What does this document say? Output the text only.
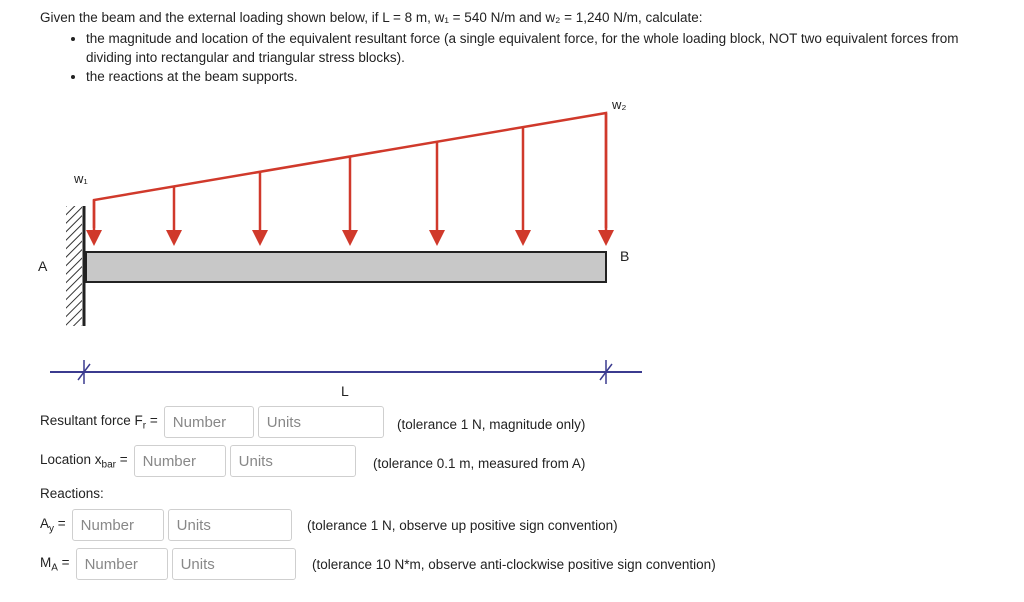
Given the beam and the external loading shown below, if L = 8 m, w₁ = 540 N/m and w₂ = 1,240 N/m, calculate:

• the magnitude and location of the equivalent resultant force (a single equivalent force, for the whole loading block, NOT two equivalent forces from dividing into rectangular and triangular stress blocks).
• the reactions at the beam supports.
w₁
w₂
A
B
L
Resultant force $F_r$ =
Number
Units	(tolerance 1 N, magnitude only)
Location $x_{bar}$ =
Number
Units	(tolerance 0.1 m, measured from A)
Reactions:
$A_y$ =
Number
Units	(tolerance 1 N, observe up positive sign convention)
$M_A$ =
Number
Units	(tolerance 10 N*m, observe anti-clockwise positive sign convention)
